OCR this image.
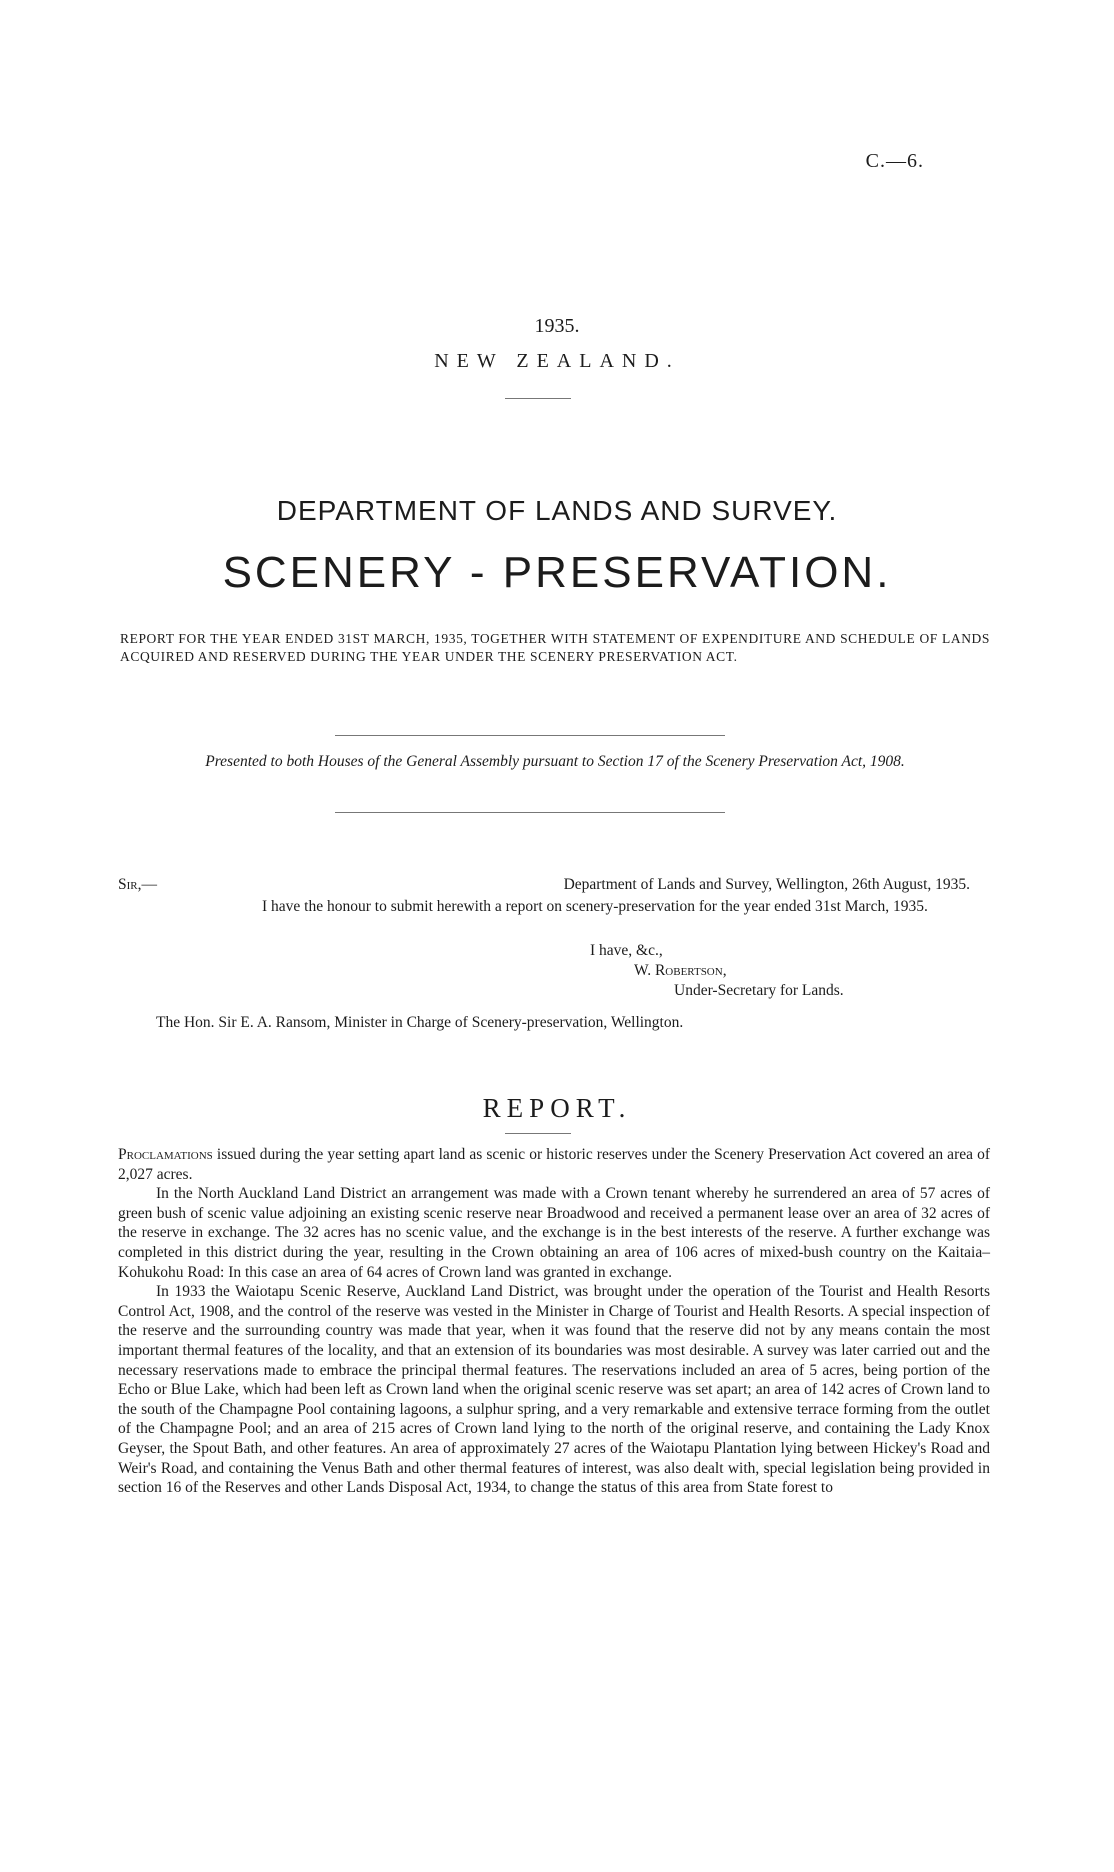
C.—6.
1935.
NEW ZEALAND.
DEPARTMENT OF LANDS AND SURVEY.
SCENERY - PRESERVATION.
REPORT FOR THE YEAR ENDED 31ST MARCH, 1935, TOGETHER WITH STATEMENT OF EXPENDITURE AND SCHEDULE OF LANDS ACQUIRED AND RESERVED DURING THE YEAR UNDER THE SCENERY PRESERVATION ACT.
Presented to both Houses of the General Assembly pursuant to Section 17 of the Scenery Preservation Act, 1908.
Sir,—	Department of Lands and Survey, Wellington, 26th August, 1935.
I have the honour to submit herewith a report on scenery-preservation for the year ended 31st March, 1935.
I have, &c.,
W. Robertson,
Under-Secretary for Lands.
The Hon. Sir E. A. Ransom, Minister in Charge of Scenery-preservation, Wellington.
REPORT.

Proclamations issued during the year setting apart land as scenic or historic reserves under the Scenery Preservation Act covered an area of 2,027 acres.

In the North Auckland Land District an arrangement was made with a Crown tenant whereby he surrendered an area of 57 acres of green bush of scenic value adjoining an existing scenic reserve near Broadwood and received a permanent lease over an area of 32 acres of the reserve in exchange. The 32 acres has no scenic value, and the exchange is in the best interests of the reserve. A further exchange was completed in this district during the year, resulting in the Crown obtaining an area of 106 acres of mixed-bush country on the Kaitaia–Kohukohu Road: In this case an area of 64 acres of Crown land was granted in exchange.

In 1933 the Waiotapu Scenic Reserve, Auckland Land District, was brought under the operation of the Tourist and Health Resorts Control Act, 1908, and the control of the reserve was vested in the Minister in Charge of Tourist and Health Resorts. A special inspection of the reserve and the surrounding country was made that year, when it was found that the reserve did not by any means contain the most important thermal features of the locality, and that an extension of its boundaries was most desirable. A survey was later carried out and the necessary reservations made to embrace the principal thermal features. The reservations included an area of 5 acres, being portion of the Echo or Blue Lake, which had been left as Crown land when the original scenic reserve was set apart; an area of 142 acres of Crown land to the south of the Champagne Pool containing lagoons, a sulphur spring, and a very remarkable and extensive terrace forming from the outlet of the Champagne Pool; and an area of 215 acres of Crown land lying to the north of the original reserve, and containing the Lady Knox Geyser, the Spout Bath, and other features. An area of approximately 27 acres of the Waiotapu Plantation lying between Hickey's Road and Weir's Road, and containing the Venus Bath and other thermal features of interest, was also dealt with, special legislation being provided in section 16 of the Reserves and other Lands Disposal Act, 1934, to change the status of this area from State forest to
